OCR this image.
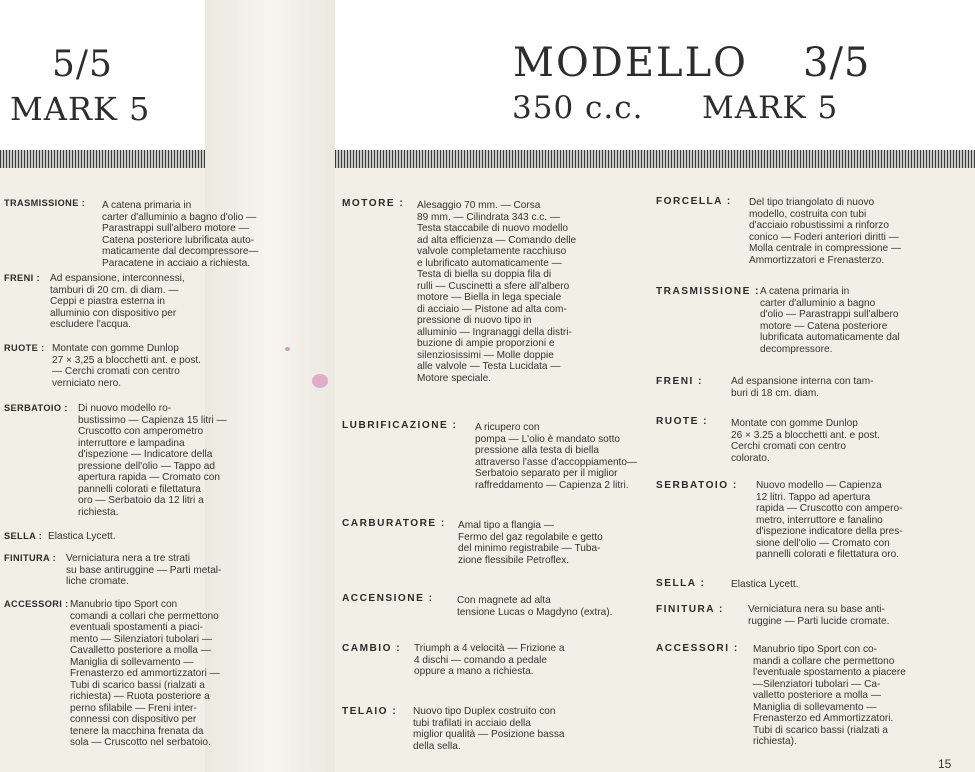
5/5
MARK 5
MODELLO 3/5
350 c.c. MARK 5
TRASMISSIONE : A catena primaria in
carter d'alluminio a bagno d'olio —
Parastrappi sull'albero motore —
Catena posteriore lubrificata auto-
maticamente dal decompressore—
Paracatene in acciaio a richiesta.
FRENI : Ad espansione, interconnessi,
tamburi di 20 cm. di diam. —
Ceppi e piastra esterna in
alluminio con dispositivo per
escludere l'acqua.
RUOTE : Montate con gomme Dunlop
27 × 3,25 a blocchetti ant. e post.
— Cerchi cromati con centro
verniciato nero.
SERBATOIO : Di nuovo modello ro-
bustissimo — Capienza 15 litri —
Cruscotto con amperometro
interruttore e lampadina
d'ispezione — Indicatore della
pressione dell'olio — Tappo ad
apertura rapida — Cromato con
pannelli colorati e filettatura
oro — Serbatoio da 12 litri a
richiesta.
SELLA : Elastica Lycett.
FINITURA : Verniciatura nera a tre strati
su base antiruggine — Parti metal-
liche cromate.
ACCESSORI : Manubrio tipo Sport con
comandi a collari che permettono
eventuali spostamenti a piaci-
mento — Silenziatori tubolari —
Cavalletto posteriore a molla —
Maniglia di sollevamento —
Frenasterzo ed ammortizzatori —
Tubi di scarico bassi (rialzati a
richiesta) — Ruota posteriore a
perno sfilabile — Freni inter-
connessi con dispositivo per
tenere la macchina frenata da
sola — Cruscotto nel serbatoio.
MOTORE : Alesaggio 70 mm. — Corsa
89 mm. — Cilindrata 343 c.c. —
Testa staccabile di nuovo modello
ad alta efficienza — Comando delle
valvole completamente racchiuso
e lubrificato automaticamente —
Testa di biella su doppia fila di
rulli — Cuscinetti a sfere all'albero
motore — Biella in lega speciale
di acciaio — Pistone ad alta com-
pressione di nuovo tipo in
alluminio — Ingranaggi della distri-
buzione di ampie proporzioni e
silenziosissimi — Molle doppie
alle valvole — Testa Lucidata —
Motore speciale.
LUBRIFICAZIONE : A ricupero con
pompa — L'olio è mandato sotto
pressione alla testa di biella
attraverso l'asse d'accoppiamento—
Serbatoio separato per il miglior
raffreddamento — Capienza 2 litri.
CARBURATORE : Amal tipo a flangia —
Fermo del gaz regolabile e getto
del minimo registrabile — Tuba-
zione flessibile Petroflex.
ACCENSIONE : Con magnete ad alta
tensione Lucas o Magdyno (extra).
CAMBIO : Triumph a 4 velocità — Frizione a
4 dischi — comando a pedale
oppure a mano a richiesta.
TELAIO : Nuovo tipo Duplex costruito con
tubi trafilati in acciaio della
miglior qualità — Posizione bassa
della sella.
FORCELLA : Del tipo triangolato di nuovo
modello, costruita con tubi
d'acciaio robustissimi a rinforzo
conico — Foderi anteriori diritti —
Molla centrale in compressione —
Ammortizzatori e Frenasterzo.
TRASMISSIONE : A catena primaria in
carter d'alluminio a bagno
d'olio — Parastrappi sull'albero
motore — Catena posteriore
lubrificata automaticamente dal
decompressore.
FRENI :	Ad espansione interna con tam-
buri di 18 cm. diam.
RUOTE : Montate con gomme Dunlop
26 × 3.25 a blocchetti ant. e post.
Cerchi cromati con centro
colorato.
SERBATOIO : Nuovo modello — Capienza
12 litri. Tappo ad apertura
rapida — Cruscotto con ampero-
metro, interruttore e fanalino
d'ispezione indicatore della pres-
sione dell'olio — Cromato con
pannelli colorati e filettatura oro.
SELLA :	Elastica Lycett.
FINITURA : Verniciatura nera su base anti-
ruggine — Parti lucide cromate.
ACCESSORI : Manubrio tipo Sport con co-
mandi a collare che permettono
l'eventuale spostamento a piacere
—Silenziatori tubolari — Ca-
valletto posteriore a molla —
Maniglia di sollevamento —
Frenasterzo ed Ammortizzatori.
Tubi di scarico bassi (rialzati a
richiesta).
15
